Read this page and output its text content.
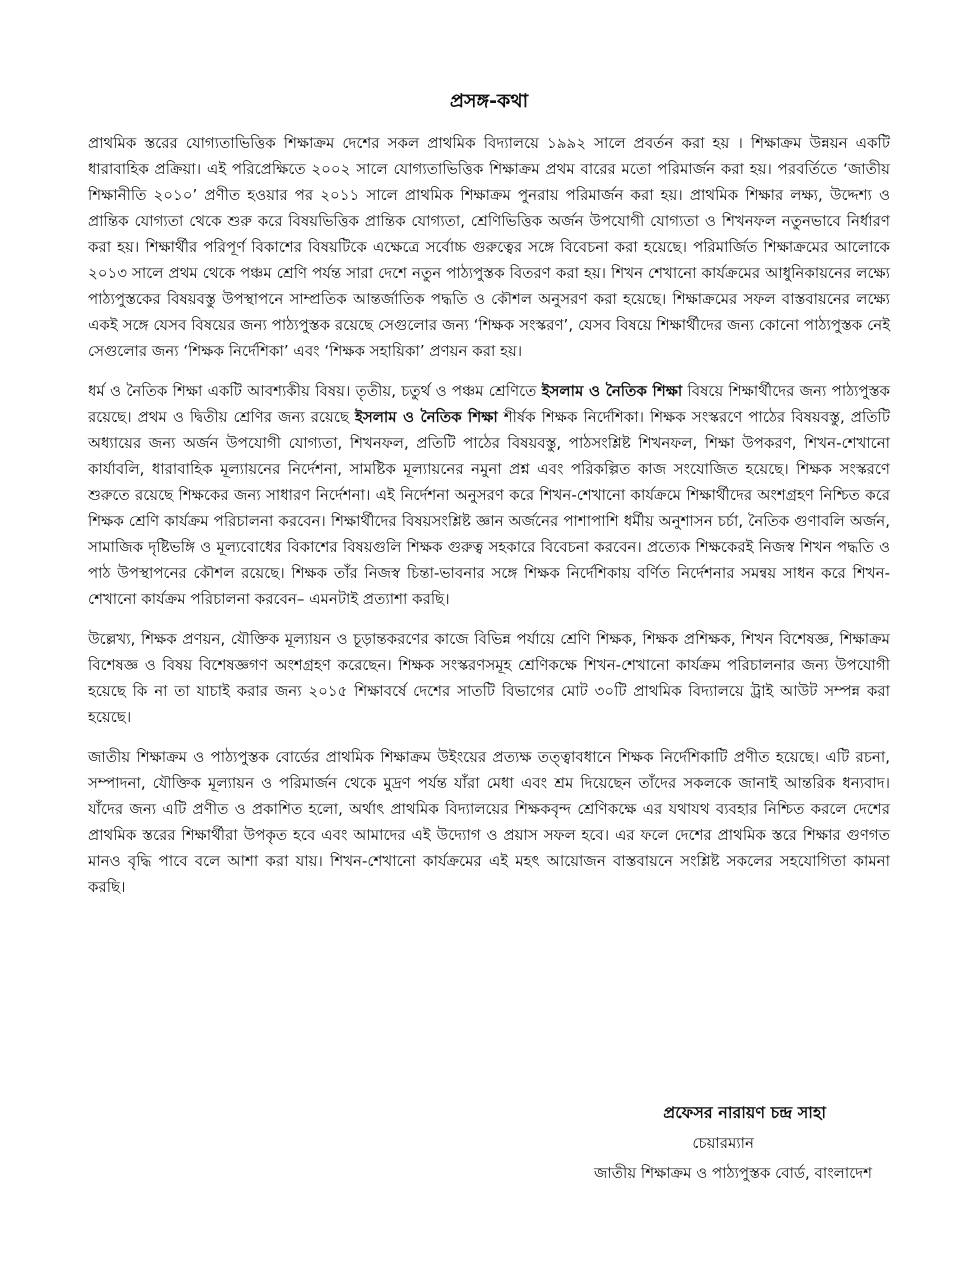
প্রসঙ্গ-কথা

প্রাথমিক স্তরের যোগ্যতাভিত্তিক শিক্ষাক্রম দেশের সকল প্রাথমিক বিদ্যালয়ে ১৯৯২ সালে প্রবর্তন করা হয় । শিক্ষাক্রম উন্নয়ন একটি ধারাবাহিক প্রক্রিয়া। এই পরিপ্রেক্ষিতে ২০০২ সালে যোগ্যতাভিত্তিক শিক্ষাক্রম প্রথম বারের মতো পরিমার্জন করা হয়। পরবর্তিতে ‘জাতীয় শিক্ষানীতি ২০১০’ প্রণীত হওয়ার পর ২০১১ সালে প্রাথমিক শিক্ষাক্রম পুনরায় পরিমার্জন করা হয়। প্রাথমিক শিক্ষার লক্ষ্য, উদ্দেশ্য ও প্রান্তিক যোগ্যতা থেকে শুরু করে বিষয়ভিত্তিক প্রান্তিক যোগ্যতা, শ্রেণিভিত্তিক অর্জন উপযোগী যোগ্যতা ও শিখনফল নতুনভাবে নির্ধারণ করা হয়। শিক্ষার্থীর পরিপূর্ণ বিকাশের বিষয়টিকে এক্ষেত্রে সর্বোচ্চ গুরুত্বের সঙ্গে বিবেচনা করা হয়েছে। পরিমার্জিত শিক্ষাক্রমের আলোকে ২০১৩ সালে প্রথম থেকে পঞ্চম শ্রেণি পর্যন্ত সারা দেশে নতুন পাঠ্যপুস্তক বিতরণ করা হয়। শিখন শেখানো কার্যক্রমের আধুনিকায়নের লক্ষ্যে পাঠ্যপুস্তকের বিষয়বস্তু উপস্থাপনে সাম্প্রতিক আন্তর্জাতিক পদ্ধতি ও কৌশল অনুসরণ করা হয়েছে। শিক্ষাক্রমের সফল বাস্তবায়নের লক্ষ্যে একই সঙ্গে যেসব বিষয়ের জন্য পাঠ্যপুস্তক রয়েছে সেগুলোর জন্য ‘শিক্ষক সংস্করণ’, যেসব বিষয়ে শিক্ষার্থীদের জন্য কোনো পাঠ্যপুস্তক নেই সেগুলোর জন্য ‘শিক্ষক নির্দেশিকা’ এবং ‘শিক্ষক সহায়িকা’ প্রণয়ন করা হয়।

ধর্ম ও নৈতিক শিক্ষা একটি আবশ্যকীয় বিষয়। তৃতীয়, চতুর্থ ও পঞ্চম শ্রেণিতে ইসলাম ও নৈতিক শিক্ষা বিষয়ে শিক্ষার্থীদের জন্য পাঠ্যপুস্তক রয়েছে। প্রথম ও দ্বিতীয় শ্রেণির জন্য রয়েছে ইসলাম ও নৈতিক শিক্ষা শীর্ষক শিক্ষক নির্দেশিকা। শিক্ষক সংস্করণে পাঠের বিষয়বস্তু, প্রতিটি অধ্যায়ের জন্য অর্জন উপযোগী যোগ্যতা, শিখনফল, প্রতিটি পাঠের বিষয়বস্তু, পাঠসংশ্লিষ্ট শিখনফল, শিক্ষা উপকরণ, শিখন-শেখানো কার্যাবলি, ধারাবাহিক মূল্যায়নের নির্দেশনা, সামষ্টিক মূল্যায়নের নমুনা প্রশ্ন এবং পরিকল্পিত কাজ সংযোজিত হয়েছে। শিক্ষক সংস্করণে শুরুতে রয়েছে শিক্ষকের জন্য সাধারণ নির্দেশনা। এই নির্দেশনা অনুসরণ করে শিখন-শেখানো কার্যক্রমে শিক্ষার্থীদের অংশগ্রহণ নিশ্চিত করে শিক্ষক শ্রেণি কার্যক্রম পরিচালনা করবেন। শিক্ষার্থীদের বিষয়সংশ্লিষ্ট জ্ঞান অর্জনের পাশাপাশি ধর্মীয় অনুশাসন চর্চা, নৈতিক গুণাবলি অর্জন, সামাজিক দৃষ্টিভঙ্গি ও মূল্যবোধের বিকাশের বিষয়গুলি শিক্ষক গুরুত্ব সহকারে বিবেচনা করবেন। প্রত্যেক শিক্ষকেরই নিজস্ব শিখন পদ্ধতি ও পাঠ উপস্থাপনের কৌশল রয়েছে। শিক্ষক তাঁর নিজস্ব চিন্তা-ভাবনার সঙ্গে শিক্ষক নির্দেশিকায় বর্ণিত নির্দেশনার সমন্বয় সাধন করে শিখন-শেখানো কার্যক্রম পরিচালনা করবেন– এমনটাই প্রত্যাশা করছি।

উল্লেখ্য, শিক্ষক প্রণয়ন, যৌক্তিক মূল্যায়ন ও চূড়ান্তকরণের কাজে বিভিন্ন পর্যায়ে শ্রেণি শিক্ষক, শিক্ষক প্রশিক্ষক, শিখন বিশেষজ্ঞ, শিক্ষাক্রম বিশেষজ্ঞ ও বিষয় বিশেষজ্ঞগণ অংশগ্রহণ করেছেন। শিক্ষক সংস্করণসমূহ শ্রেণিকক্ষে শিখন-শেখানো কার্যক্রম পরিচালনার জন্য উপযোগী হয়েছে কি না তা যাচাই করার জন্য ২০১৫ শিক্ষাবর্ষে দেশের সাতটি বিভাগের মোট ৩০টি প্রাথমিক বিদ্যালয়ে ট্রাই আউট সম্পন্ন করা হয়েছে।

জাতীয় শিক্ষাক্রম ও পাঠ্যপুস্তক বোর্ডের প্রাথমিক শিক্ষাক্রম উইংয়ের প্রত্যক্ষ তত্ত্বাবধানে শিক্ষক নির্দেশিকাটি প্রণীত হয়েছে। এটি রচনা, সম্পাদনা, যৌক্তিক মূল্যায়ন ও পরিমার্জন থেকে মুদ্রণ পর্যন্ত যাঁরা মেধা এবং শ্রম দিয়েছেন তাঁদের সকলকে জানাই আন্তরিক ধন্যবাদ। যাঁদের জন্য এটি প্রণীত ও প্রকাশিত হলো, অর্থাৎ প্রাথমিক বিদ্যালয়ের শিক্ষকবৃন্দ শ্রেণিকক্ষে এর যথাযথ ব্যবহার নিশ্চিত করলে দেশের প্রাথমিক স্তরের শিক্ষার্থীরা উপকৃত হবে এবং আমাদের এই উদ্যোগ ও প্রয়াস সফল হবে। এর ফলে দেশের প্রাথমিক স্তরে শিক্ষার গুণগত মানও বৃদ্ধি পাবে বলে আশা করা যায়। শিখন-শেখানো কার্যক্রমের এই মহৎ আয়োজন বাস্তবায়নে সংশ্লিষ্ট সকলের সহযোগিতা কামনা করছি।

প্রফেসর নারায়ণ চন্দ্র সাহা
চেয়ারম্যান
জাতীয় শিক্ষাক্রম ও পাঠ্যপুস্তক বোর্ড, বাংলাদেশ
